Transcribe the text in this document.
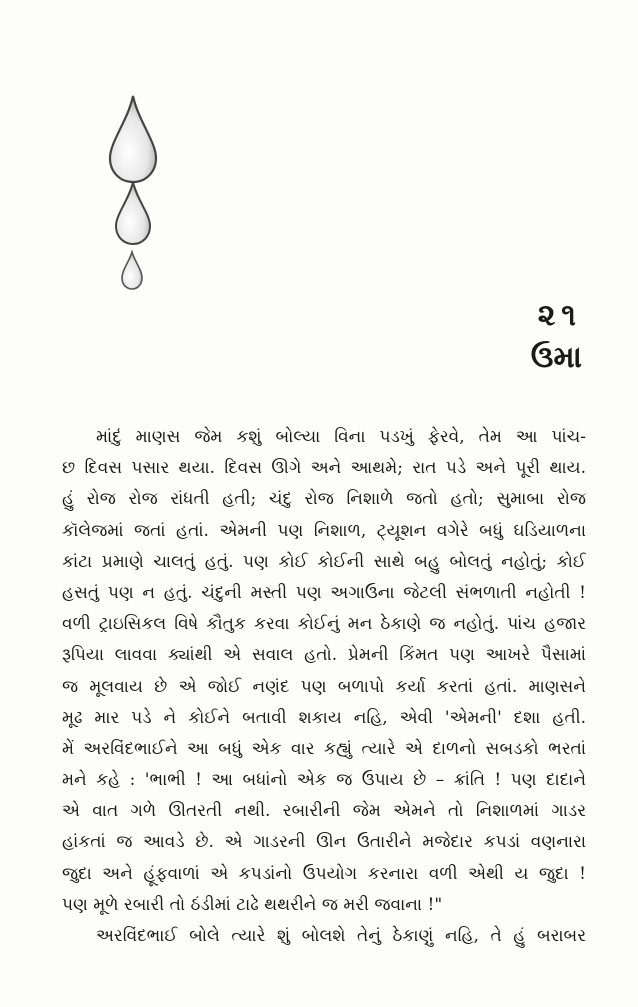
૨૧
ઉમા
માંદું માણસ જેમ કશું બોલ્યા વિના પડખું ફેરવે, તેમ આ પાંચ-
છ દિવસ પસાર થયા. દિવસ ઊગે અને આથમે; રાત પડે અને પૂરી થાય.
હું રોજ રોજ રાંધતી હતી; ચંદુ રોજ નિશાળે જતો હતો; સુમાબા રોજ
કૉલેજમાં જતાં હતાં. એમની પણ નિશાળ, ટ્યૂશન વગેરે બધું ઘડિયાળના
કાંટા પ્રમાણે ચાલતું હતું. પણ કોઈ કોઈની સાથે બહુ બોલતું નહોતું; કોઈ
હસતું પણ ન હતું. ચંદુની મસ્તી પણ અગાઉના જેટલી સંભળાતી નહોતી !
વળી ટ્રાઇસિકલ વિષે કૌતુક કરવા કોઈનું મન ઠેકાણે જ નહોતું. પાંચ હજાર
રૂપિયા લાવવા ક્યાંથી એ સવાલ હતો. પ્રેમની કિંમત પણ આખરે પૈસામાં
જ મૂલવાય છે એ જોઈ નણંદ પણ બળાપો કર્યા કરતાં હતાં. માણસને
મૂઢ માર પડે ને કોઈને બતાવી શકાય નહિ, એવી 'એમની' દશા હતી.
મેં અરવિંદભાઈને આ બધું એક વાર કહ્યું ત્યારે એ દાળનો સબડકો ભરતાં
મને કહે : 'ભાભી ! આ બધાંનો એક જ ઉપાય છે – ક્રાંતિ ! પણ દાદાને
એ વાત ગળે ઊતરતી નથી. રબારીની જેમ એમને તો નિશાળમાં ગાડર
હાંકતાં જ આવડે છે. એ ગાડરની ઊન ઉતારીને મજેદાર કપડાં વણનારા
જુદા અને હૂંફવાળાં એ કપડાંનો ઉપયોગ કરનારા વળી એથી ય જુદા !
પણ મૂળે રબારી તો ઠંડીમાં ટાઢે થથરીને જ મરી જવાના !"
અરવિંદભાઈ બોલે ત્યારે શું બોલશે તેનું ઠેકાણું નહિ, તે હું બરાબર
